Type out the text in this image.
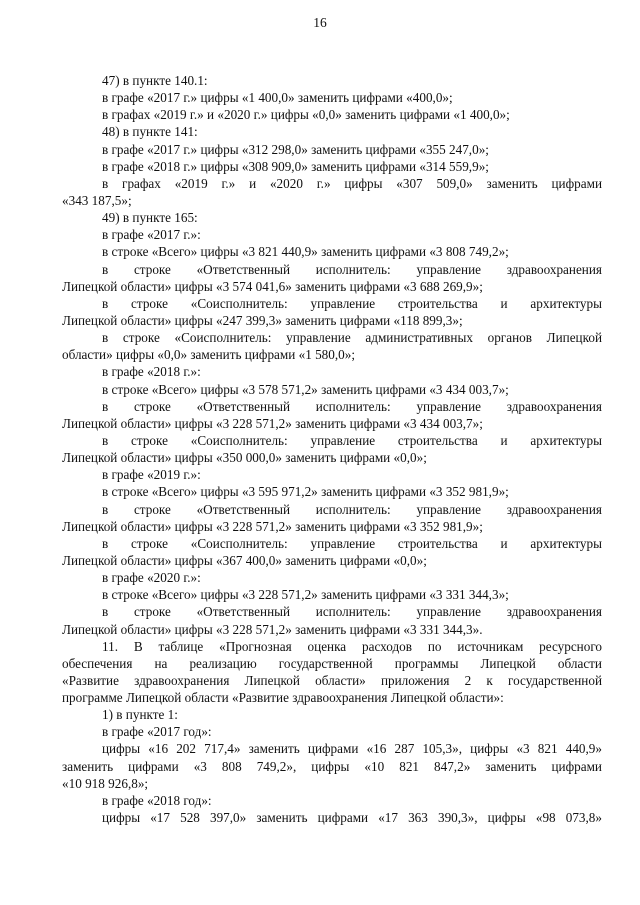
16
47) в пункте 140.1:
в графе «2017 г.» цифры «1 400,0» заменить цифрами «400,0»;
в графах «2019 г.» и «2020 г.» цифры «0,0» заменить цифрами «1 400,0»;
48) в пункте 141:
в графе «2017 г.» цифры «312 298,0» заменить цифрами «355 247,0»;
в графе «2018 г.» цифры «308 909,0» заменить цифрами «314 559,9»;
в графах «2019 г.» и «2020 г.» цифры «307 509,0» заменить цифрами
«343 187,5»;
49) в пункте 165:
в графе «2017 г.»:
в строке «Всего» цифры «3 821 440,9» заменить цифрами «3 808 749,2»;
в строке «Ответственный исполнитель: управление здравоохранения
Липецкой области» цифры «3 574 041,6» заменить цифрами «3 688 269,9»;
в строке «Соисполнитель: управление строительства и архитектуры
Липецкой области» цифры «247 399,3» заменить цифрами «118 899,3»;
в строке «Соисполнитель: управление административных органов Липецкой
области» цифры «0,0» заменить цифрами «1 580,0»;
в графе «2018 г.»:
в строке «Всего» цифры «3 578 571,2» заменить цифрами «3 434 003,7»;
в строке «Ответственный исполнитель: управление здравоохранения
Липецкой области» цифры «3 228 571,2» заменить цифрами «3 434 003,7»;
в строке «Соисполнитель: управление строительства и архитектуры
Липецкой области» цифры «350 000,0» заменить цифрами «0,0»;
в графе «2019 г.»:
в строке «Всего» цифры «3 595 971,2» заменить цифрами «3 352 981,9»;
в строке «Ответственный исполнитель: управление здравоохранения
Липецкой области» цифры «3 228 571,2» заменить цифрами «3 352 981,9»;
в строке «Соисполнитель: управление строительства и архитектуры
Липецкой области» цифры «367 400,0» заменить цифрами «0,0»;
в графе «2020 г.»:
в строке «Всего» цифры «3 228 571,2» заменить цифрами «3 331 344,3»;
в строке «Ответственный исполнитель: управление здравоохранения
Липецкой области» цифры «3 228 571,2» заменить цифрами «3 331 344,3».
11. В таблице «Прогнозная оценка расходов по источникам ресурсного
обеспечения на реализацию государственной программы Липецкой области
«Развитие здравоохранения Липецкой области» приложения 2 к государственной
программе Липецкой области «Развитие здравоохранения Липецкой области»:
1) в пункте 1:
в графе «2017 год»:
цифры «16 202 717,4» заменить цифрами «16 287 105,3», цифры «3 821 440,9»
заменить цифрами «3 808 749,2», цифры «10 821 847,2» заменить цифрами
«10 918 926,8»;
в графе «2018 год»:
цифры «17 528 397,0» заменить цифрами «17 363 390,3», цифры «98 073,8»
